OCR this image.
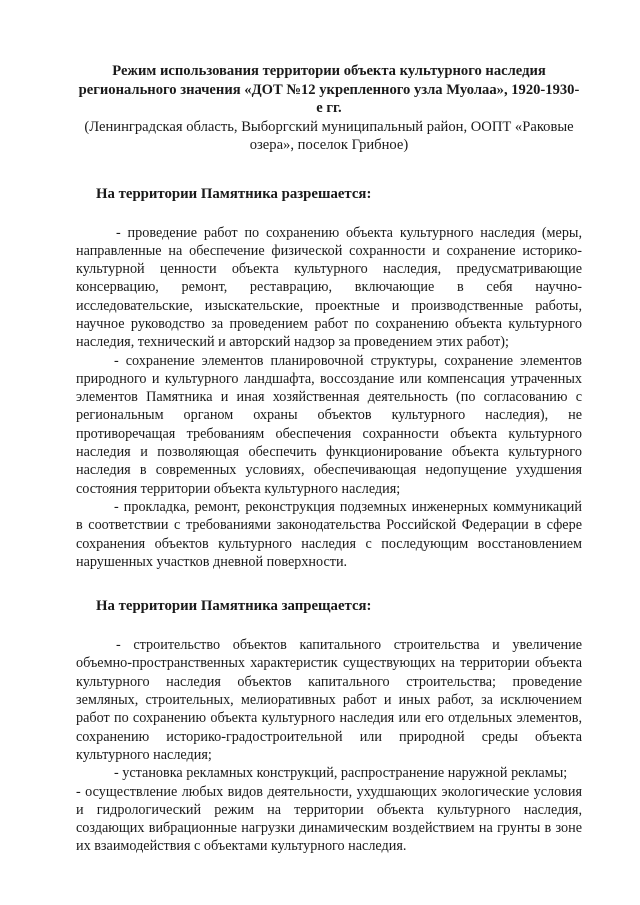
Режим использования территории объекта культурного наследия
регионального значения «ДОТ №12 укрепленного узла Муолаа», 1920-1930-е гг.
(Ленинградская область, Выборгский муниципальный район, ООПТ «Раковые озера», поселок Грибное)
На территории Памятника разрешается:

- проведение работ по сохранению объекта культурного наследия (меры, направленные на обеспечение физической сохранности и сохранение историко-культурной ценности объекта культурного наследия, предусматривающие консервацию, ремонт, реставрацию, включающие в себя научно-исследовательские, изыскательские, проектные и производственные работы, научное руководство за проведением работ по сохранению объекта культурного наследия, технический и авторский надзор за проведением этих работ);

- сохранение элементов планировочной структуры, сохранение элементов природного и культурного ландшафта, воссоздание или компенсация утраченных элементов Памятника и иная хозяйственная деятельность (по согласованию с региональным органом охраны объектов культурного наследия), не противоречащая требованиям обеспечения сохранности объекта культурного наследия и позволяющая обеспечить функционирование объекта культурного наследия в современных условиях, обеспечивающая недопущение ухудшения состояния территории объекта культурного наследия;

- прокладка, ремонт, реконструкция подземных инженерных коммуникаций в соответствии с требованиями законодательства Российской Федерации в сфере сохранения объектов культурного наследия с последующим восстановлением нарушенных участков дневной поверхности.

На территории Памятника запрещается:

- строительство объектов капитального строительства и увеличение объемно-пространственных характеристик существующих на территории объекта культурного наследия объектов капитального строительства; проведение земляных, строительных, мелиоративных работ и иных работ, за исключением работ по сохранению объекта культурного наследия или его отдельных элементов, сохранению историко-градостроительной или природной среды объекта культурного наследия;

- установка рекламных конструкций, распространение наружной рекламы;

- осуществление любых видов деятельности, ухудшающих экологические условия и гидрологический режим на территории объекта культурного наследия, создающих вибрационные нагрузки динамическим воздействием на грунты в зоне их взаимодействия с объектами культурного наследия.
